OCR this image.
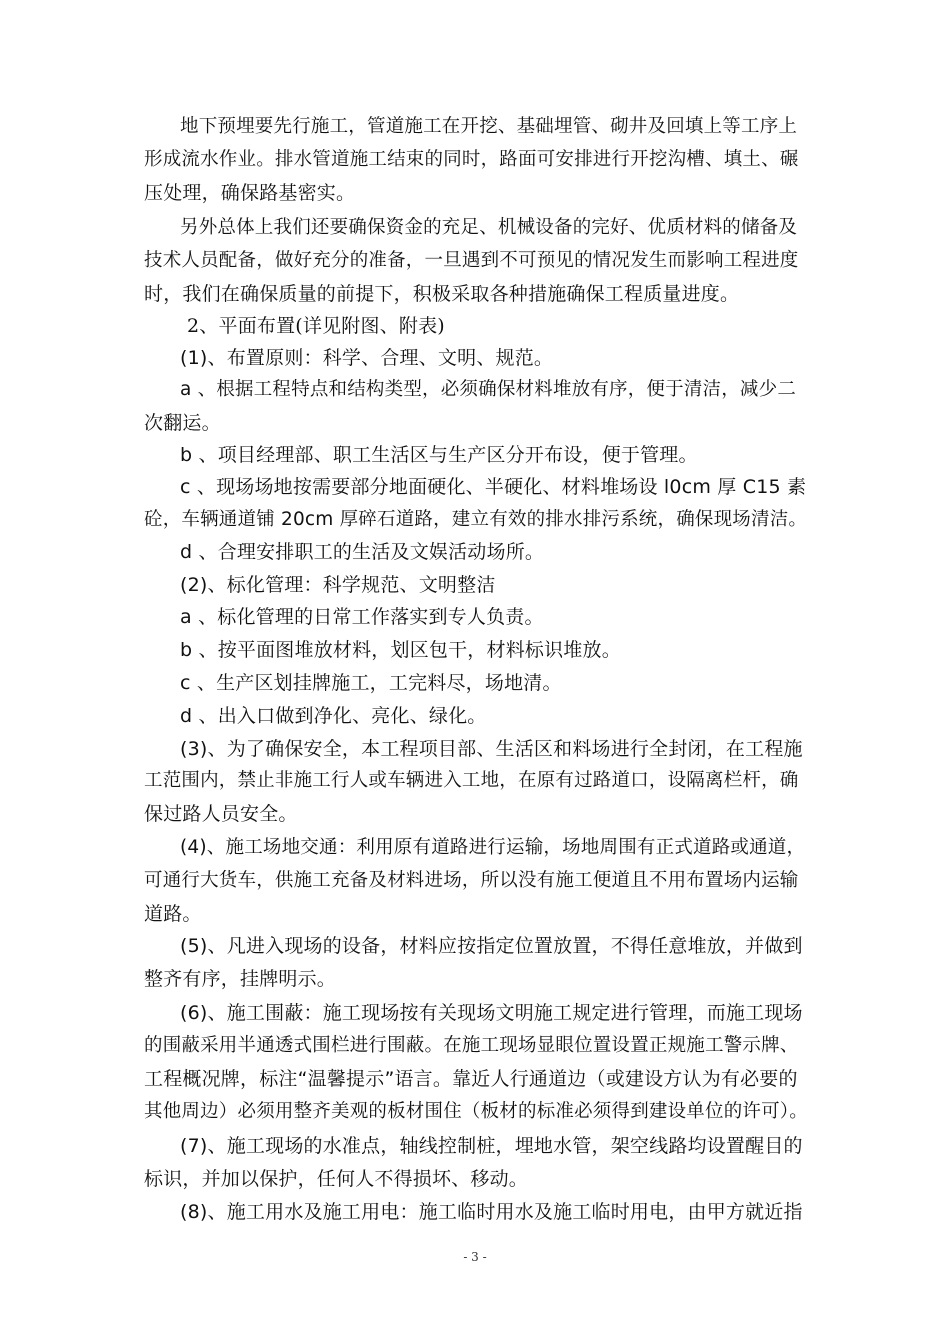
地下预埋要先行施工，管道施工在开挖、基础埋管、砌井及回填上等工序上
形成流水作业。排水管道施工结束的同时，路面可安排进行开挖沟槽、填土、碾
压处理，确保路基密实。
另外总体上我们还要确保资金的充足、机械设备的完好、优质材料的储备及
技术人员配备，做好充分的准备，一旦遇到不可预见的情况发生而影响工程进度
时，我们在确保质量的前提下，积极采取各种措施确保工程质量进度。
2、平面布置(详见附图、附表)
(1)、布置原则：科学、合理、文明、规范。
a 、根据工程特点和结构类型，必须确保材料堆放有序，便于清洁，减少二
次翻运。
b 、项目经理部、职工生活区与生产区分开布设，便于管理。
c 、现场场地按需要部分地面硬化、半硬化、材料堆场设 l0cm 厚 C15 素
砼，车辆通道铺 20cm 厚碎石道路，建立有效的排水排污系统，确保现场清洁。
d 、合理安排职工的生活及文娱活动场所。
(2)、标化管理：科学规范、文明整洁
a 、标化管理的日常工作落实到专人负责。
b 、按平面图堆放材料，划区包干，材料标识堆放。
c 、生产区划挂牌施工，工完料尽，场地清。
d 、出入口做到净化、亮化、绿化。
(3)、为了确保安全，本工程项目部、生活区和料场进行全封闭，在工程施
工范围内，禁止非施工行人或车辆进入工地，在原有过路道口，设隔离栏杆，确
保过路人员安全。
(4)、施工场地交通：利用原有道路进行运输，场地周围有正式道路或通道，
可通行大货车，供施工充备及材料进场，所以没有施工便道且不用布置场内运输
道路。
(5)、凡进入现场的设备，材料应按指定位置放置，不得任意堆放，并做到
整齐有序，挂牌明示。
(6)、施工围蔽：施工现场按有关现场文明施工规定进行管理，而施工现场
的围蔽采用半通透式围栏进行围蔽。在施工现场显眼位置设置正规施工警示牌、
工程概况牌，标注“温馨提示”语言。靠近人行通道边（或建设方认为有必要的
其他周边）必须用整齐美观的板材围住（板材的标准必须得到建设单位的许可）。
(7)、施工现场的水准点，轴线控制桩，埋地水管，架空线路均设置醒目的
标识，并加以保护，任何人不得损坏、移动。
(8)、施工用水及施工用电：施工临时用水及施工临时用电，由甲方就近指
- 3 -
